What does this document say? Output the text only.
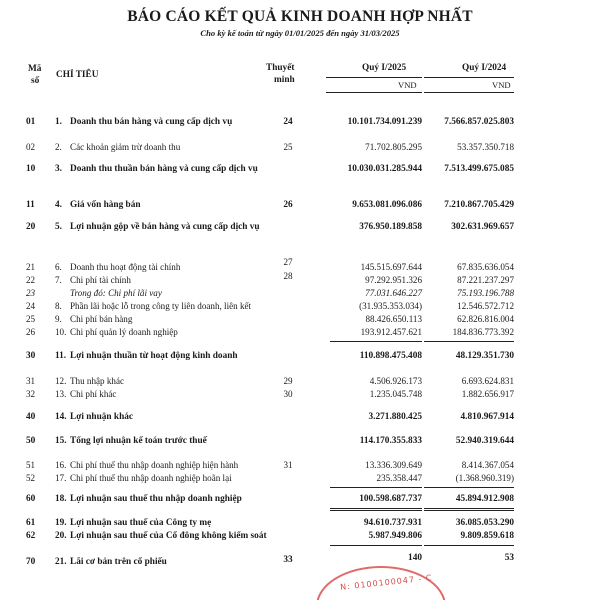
BÁO CÁO KẾT QUẢ KINH DOANH HỢP NHẤT
Cho kỳ kế toán từ ngày 01/01/2025 đến ngày 31/03/2025
Mã
số
CHỈ TIÊU
Thuyết
minh
Quý I/2025	Quý I/2024
VND	VND
01	1. Doanh thu bán hàng và cung cấp dịch vụ	24	10.101.734.091.239 7.566.857.025.803
02	2. Các khoản giảm trừ doanh thu	25	71.702.805.295	53.357.350.718
10	3. Doanh thu thuần bán hàng và cung cấp dịch vụ	10.030.031.285.944 7.513.499.675.085
11	4. Giá vốn hàng bán	26	9.653.081.096.086 7.210.867.705.429
20	5. Lợi nhuận gộp về bán hàng và cung cấp dịch vụ	376.950.189.858	302.631.969.657
21	6. Doanh thu hoạt động tài chính	27	145.515.697.644	67.835.636.054
22	7. Chi phí tài chính	28	97.292.951.326	87.221.237.297
23	Trong đó: Chi phí lãi vay	77.031.646.227	75.193.196.788
24	8. Phần lãi hoặc lỗ trong công ty liên doanh, liên kết	(31.935.353.034)	12.546.572.712
25	9. Chi phí bán hàng	88.426.650.113	62.826.816.004
26	10. Chi phí quản lý doanh nghiệp	193.912.457.621	184.836.773.392
30	11. Lợi nhuận thuần từ hoạt động kinh doanh	110.898.475.408	48.129.351.730
31	12. Thu nhập khác	29	4.506.926.173	6.693.624.831
32	13. Chi phí khác	30	1.235.045.748	1.882.656.917
40	14. Lợi nhuận khác	3.271.880.425	4.810.967.914
50	15. Tổng lợi nhuận kế toán trước thuế	114.170.355.833	52.940.319.644
51	16. Chi phí thuế thu nhập doanh nghiệp hiện hành	31	13.336.309.649	8.414.367.054
52	17. Chi phí thuế thu nhập doanh nghiệp hoãn lại	235.358.447	(1.368.960.319)
60	18. Lợi nhuận sau thuế thu nhập doanh nghiệp	100.598.687.737	45.894.912.908
61	19. Lợi nhuận sau thuế của Công ty mẹ	94.610.737.931	36.085.053.290
62	20. Lợi nhuận sau thuế của Cổ đông không kiểm soát	5.987.949.806	9.809.859.618
70	21. Lãi cơ bản trên cổ phiếu	33	140	53
N: 0100100047 - C
